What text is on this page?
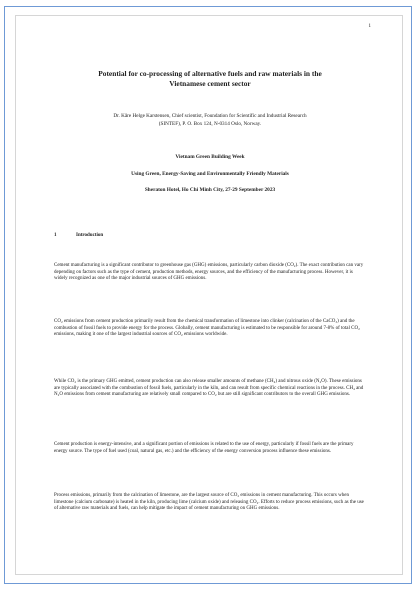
1
Potential for co-processing of alternative fuels and raw materials in the
Vietnamese cement sector
Dr. Kåre Helge Karstensen, Chief scientist, Foundation for Scientific and Industrial Research
(SINTEF), P. O. Box 124, N-0314 Oslo, Norway.
Vietnam Green Building Week
Using Green, Energy-Saving and Environmentally Friendly Materials
Sheraton Hotel, Ho Chi Minh City, 27-29 September 2023
1	Introduction

Cement manufacturing is a significant contributor to greenhouse gas (GHG) emissions, particularly carbon dioxide (CO₂). The exact contribution can vary depending on factors such as the type of cement, production methods, energy sources, and the efficiency of the manufacturing process. However, it is widely recognized as one of the major industrial sources of GHG emissions.

CO₂ emissions from cement production primarily result from the chemical transformation of limestone into clinker (calcination of the CaCO₃) and the combustion of fossil fuels to provide energy for the process. Globally, cement manufacturing is estimated to be responsible for around 7-8% of total CO₂ emissions, making it one of the largest industrial sources of CO₂ emissions worldwide.

While CO₂ is the primary GHG emitted, cement production can also release smaller amounts of methane (CH₄) and nitrous oxide (N₂O). These emissions are typically associated with the combustion of fossil fuels, particularly in the kiln, and can result from specific chemical reactions in the process. CH₄ and N₂O emissions from cement manufacturing are relatively small compared to CO₂ but are still significant contributors to the overall GHG emissions.

Cement production is energy-intensive, and a significant portion of emissions is related to the use of energy, particularly if fossil fuels are the primary energy source. The type of fuel used (coal, natural gas, etc.) and the efficiency of the energy conversion process influence these emissions.

Process emissions, primarily from the calcination of limestone, are the largest source of CO₂ emissions in cement manufacturing. This occurs when limestone (calcium carbonate) is heated in the kiln, producing lime (calcium oxide) and releasing CO₂. Efforts to reduce process emissions, such as the use of alternative raw materials and fuels, can help mitigate the impact of cement manufacturing on GHG emissions.
